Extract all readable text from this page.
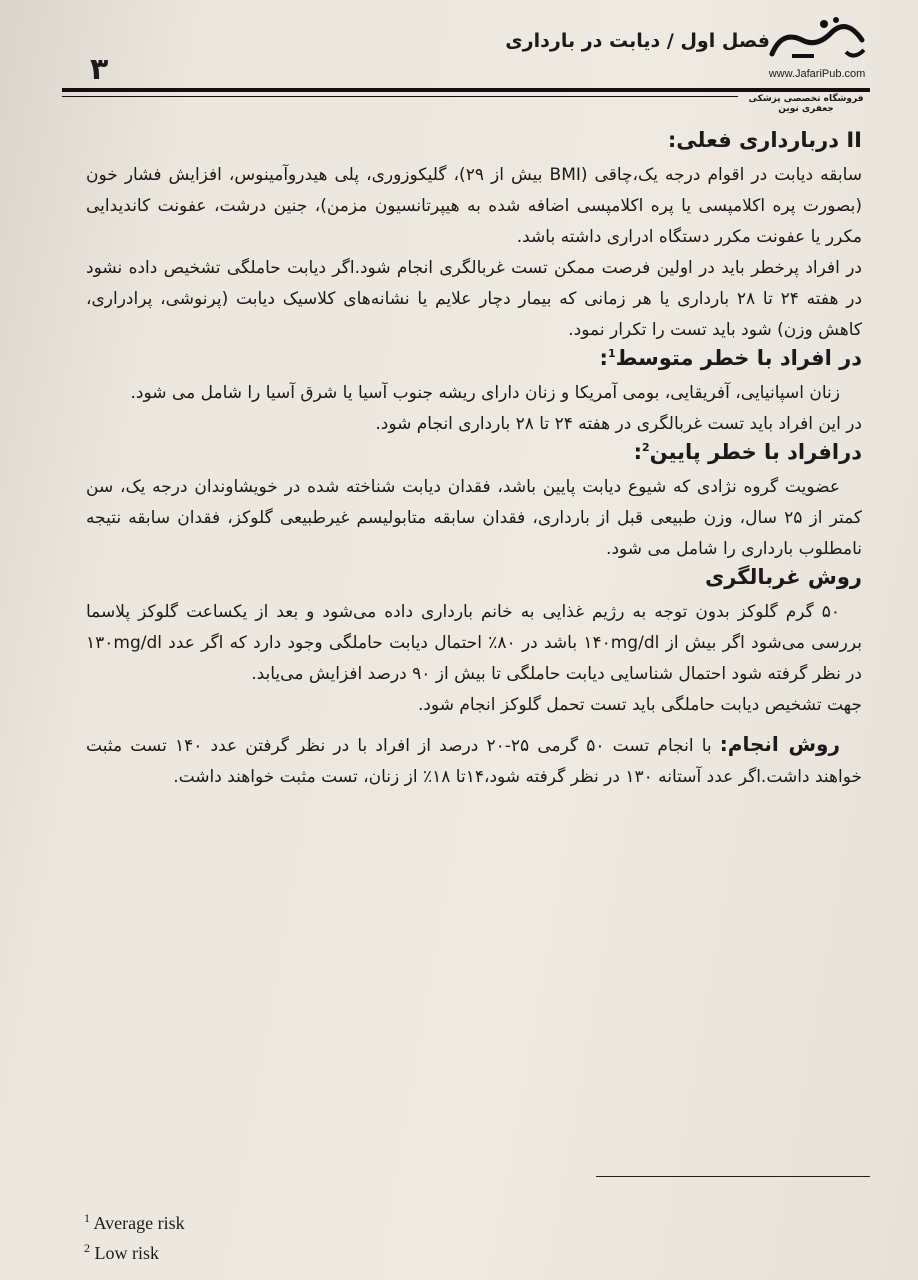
www.JafariPub.com
فروشگاه تخصصی پزشکی جعفری نوین
فصل اول / دیابت در بارداری
۳
II دربارداری فعلی:

سابقه دیابت در اقوام درجه یک،چاقی (BMI بیش از ۲۹)، گلیکوزوری، پلی هیدروآمینوس، افزایش فشار خون (بصورت پره اکلامپسی یا پره اکلامپسی اضافه شده به هیپرتانسیون مزمن)، جنین درشت، عفونت کاندیدایی مکرر یا عفونت مکرر دستگاه ادراری داشته باشد.

در افراد پرخطر باید در اولین فرصت ممکن تست غربالگری انجام شود.اگر دیابت حاملگی تشخیص داده نشود در هفته ۲۴ تا ۲۸ بارداری یا هر زمانی که بیمار دچار علایم یا نشانه‌های کلاسیک دیابت (پرنوشی، پرادراری، کاهش وزن) شود باید تست را تکرار نمود.

در افراد با خطر متوسط$^1$:

زنان اسپانیایی، آفریقایی، بومی آمریکا و زنان دارای ریشه جنوب آسیا یا شرق آسیا را شامل می شود.

در این افراد باید تست غربالگری در هفته ۲۴ تا ۲۸ بارداری انجام شود.

درافراد با خطر پایین$^2$:

عضویت گروه نژادی که شیوع دیابت پایین باشد، فقدان دیابت شناخته شده در خویشاوندان درجه یک، سن کمتر از ۲۵ سال، وزن طبیعی قبل از بارداری، فقدان سابقه متابولیسم غیرطبیعی گلوکز، فقدان سابقه نتیجه نامطلوب بارداری را شامل می شود.

روش غربالگری

۵۰ گرم گلوکز بدون توجه به رژیم غذایی به خانم بارداری داده می‌شود و بعد از یکساعت گلوکز پلاسما بررسی می‌شود اگر بیش از ۱۴۰mg/dl باشد در ۸۰٪ احتمال دیابت حاملگی وجود دارد که اگر عدد ۱۳۰mg/dl در نظر گرفته شود احتمال شناسایی دیابت حاملگی تا بیش از ۹۰ درصد افزایش می‌یابد.

جهت تشخیص دیابت حاملگی باید تست تحمل گلوکز انجام شود.

روش انجام: با انجام تست ۵۰ گرمی ۲۵-۲۰ درصد از افراد با در نظر گرفتن عدد ۱۴۰ تست مثبت خواهند داشت.اگر عدد آستانه ۱۳۰ در نظر گرفته شود،۱۴تا ۱۸٪ از زنان، تست مثبت خواهند داشت.

$^1$ Average risk
$^2$ Low risk
